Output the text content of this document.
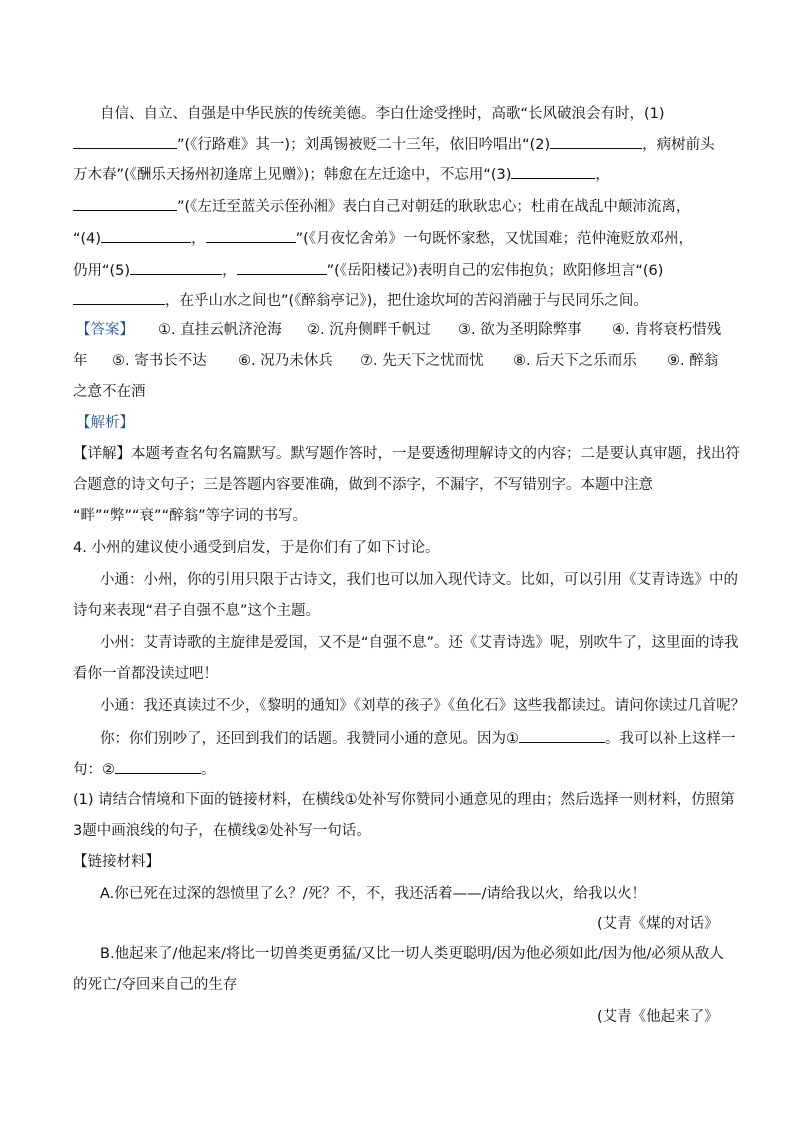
自信、自立、自强是中华民族的传统美德。李白仕途受挫时，高歌“长风破浪会有时，(1)
”(《行路难》其一)；刘禹锡被贬二十三年，依旧吟唱出“(2)	，病树前头
万木春”(《酬乐天扬州初逢席上见赠》)；韩愈在左迁途中，不忘用“(3)	，
”(《左迁至蓝关示侄孙湘》表白自己对朝廷的耿耿忠心；杜甫在战乱中颠沛流离，
“(4)	，	”(《月夜忆舍弟》一句既怀家愁，又忧国难；范仲淹贬放邓州，
仍用“(5)	，	”(《岳阳楼记》)表明自己的宏伟抱负；欧阳修坦言“(6)
，在乎山水之间也”(《醉翁亭记》)，把仕途坎坷的苦闷消融于与民同乐之间。
【答案】 ①. 直挂云帆济沧海 ②. 沉舟侧畔千帆过 ③. 欲为圣明除弊事 ④. 肯将衰朽惜残
年 ⑤. 寄书长不达 ⑥. 况乃未休兵 ⑦. 先天下之忧而忧 ⑧. 后天下之乐而乐 ⑨. 醉翁
之意不在酒
【解析】
【详解】本题考查名句名篇默写。默写题作答时，一是要透彻理解诗文的内容；二是要认真审题，找出符
合题意的诗文句子；三是答题内容要准确，做到不添字，不漏字，不写错别字。本题中注意
“畔”“弊”“衰”“醉翁”等字词的书写。
4. 小州的建议使小通受到启发，于是你们有了如下讨论。
小通：小州，你的引用只限于古诗文，我们也可以加入现代诗文。比如，可以引用《艾青诗选》中的
诗句来表现“君子自强不息”这个主题。
小州：艾青诗歌的主旋律是爱国，又不是“自强不息”。还《艾青诗选》呢，别吹牛了，这里面的诗我
看你一首都没读过吧！
小通：我还真读过不少，《黎明的通知》《刘草的孩子》《鱼化石》这些我都读过。请问你读过几首呢？
你：你们别吵了，还回到我们的话题。我赞同小通的意见。因为①	。我可以补上这样一
句：②	。
(1) 请结合情境和下面的链接材料，在横线①处补写你赞同小通意见的理由；然后选择一则材料，仿照第
3题中画浪线的句子，在横线②处补写一句话。
【链接材料】
A.你已死在过深的怨愤里了么？/死？不，不，我还活着——/请给我以火，给我以火！
(艾青《煤的对话》
B.他起来了/他起来/将比一切兽类更勇猛/又比一切人类更聪明/因为他必须如此/因为他/必须从敌人
的死亡/夺回来自己的生存
(艾青《他起来了》
